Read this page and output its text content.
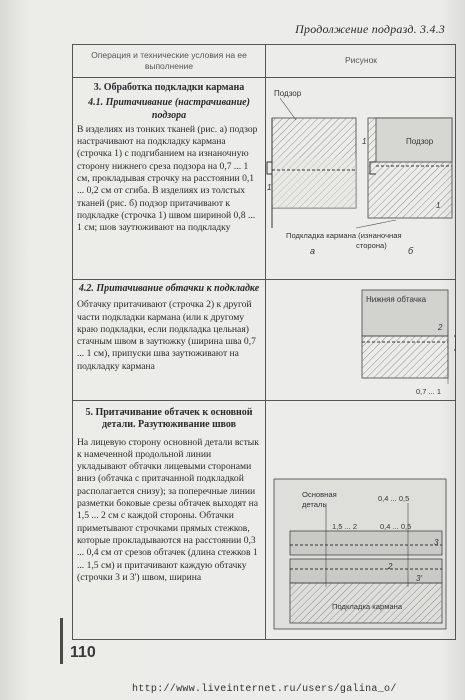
Продолжение подразд. 3.4.3
Операция и технические условия на ее выполнение
Рисунок

3. Обработка подкладки кармана

4.1. Притачивание (настрачивание) подзора

В изделиях из тонких тканей (рис. а) подзор настрачивают на подкладку кармана (строчка 1) с подгибанием на изнаночную сторону нижнего среза подзора на 0,7 ... 1 см, прокладывая строчку на расстоянии 0,1 ... 0,2 см от сгиба. В изделиях из толстых тканей (рис. б) подзор притачивают к подкладке (строчка 1) швом шириной 0,8 ... 1 см; шов заутюживают на подкладку

4.2. Притачивание обтачки к подкладке

Обтачку притачивают (строчка 2) к другой части подкладки кармана (или к другому краю подкладки, если подкладка цельная) стачным швом в заутюжку (ширина шва 0,7 ... 1 см), припуски шва заутюживают на подкладку кармана

5. Притачивание обтачек к основной детали. Разутюживание швов

На лицевую сторону основной детали встык к намеченной продольной линии укладывают обтачки лицевыми сторонами вниз (обтачка с притачанной подкладкой располагается снизу); за поперечные линии разметки боковые срезы обтачек выходят на 1,5 ... 2 см с каждой стороны. Обтачки приметывают строчками прямых стежков, которые прокладываются на расстоянии 0,3 ... 0,4 см от срезов обтачек (длина стежков 1 ... 1,5 см) и притачивают каждую обтачку (строчки 3 и 3') швом, ширина

Подзор
1
а
Подзор
1
1
б
Подкладка кармана (изнаночная
сторона)
Нижняя обтачка
2
0,7 ... 1
Основная
деталь
0,4 ... 0,5
1,5 ... 2	0,4 ... 0,5
3
2
3'
Подкладка кармана
110
http://www.liveinternet.ru/users/galina_o/
